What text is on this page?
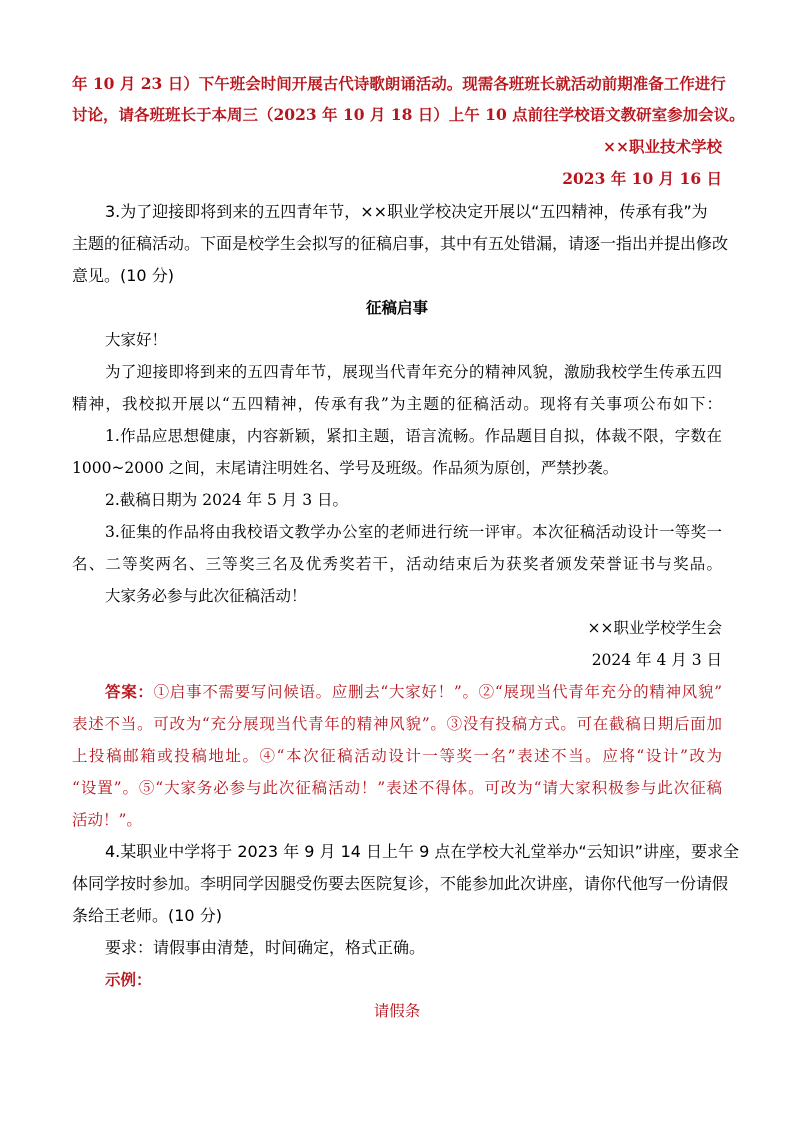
年 10 月 23 日）下午班会时间开展古代诗歌朗诵活动。现需各班班长就活动前期准备工作进行
讨论，请各班班长于本周三（2023 年 10 月 18 日）上午 10 点前往学校语文教研室参加会议。
××职业技术学校
2023 年 10 月 16 日
3.为了迎接即将到来的五四青年节，××职业学校决定开展以“五四精神，传承有我”为
主题的征稿活动。下面是校学生会拟写的征稿启事，其中有五处错漏，请逐一指出并提出修改
意见。(10 分)
征稿启事
大家好！
为了迎接即将到来的五四青年节，展现当代青年充分的精神风貌，激励我校学生传承五四
精神，我校拟开展以“五四精神，传承有我”为主题的征稿活动。现将有关事项公布如下：
1.作品应思想健康，内容新颖，紧扣主题，语言流畅。作品题目自拟，体裁不限，字数在
1000~2000 之间，末尾请注明姓名、学号及班级。作品须为原创，严禁抄袭。
2.截稿日期为 2024 年 5 月 3 日。
3.征集的作品将由我校语文教学办公室的老师进行统一评审。本次征稿活动设计一等奖一
名、二等奖两名、三等奖三名及优秀奖若干，活动结束后为获奖者颁发荣誉证书与奖品。
大家务必参与此次征稿活动！
××职业学校学生会
2024 年 4 月 3 日
答案：①启事不需要写问候语。应删去“大家好！”。②“展现当代青年充分的精神风貌”
表述不当。可改为“充分展现当代青年的精神风貌”。③没有投稿方式。可在截稿日期后面加
上投稿邮箱或投稿地址。④“本次征稿活动设计一等奖一名”表述不当。应将“设计”改为
“设置”。⑤“大家务必参与此次征稿活动！”表述不得体。可改为“请大家积极参与此次征稿
活动！”。
4.某职业中学将于 2023 年 9 月 14 日上午 9 点在学校大礼堂举办“云知识”讲座，要求全
体同学按时参加。李明同学因腿受伤要去医院复诊，不能参加此次讲座，请你代他写一份请假
条给王老师。(10 分)
要求：请假事由清楚，时间确定，格式正确。
示例：
请假条
